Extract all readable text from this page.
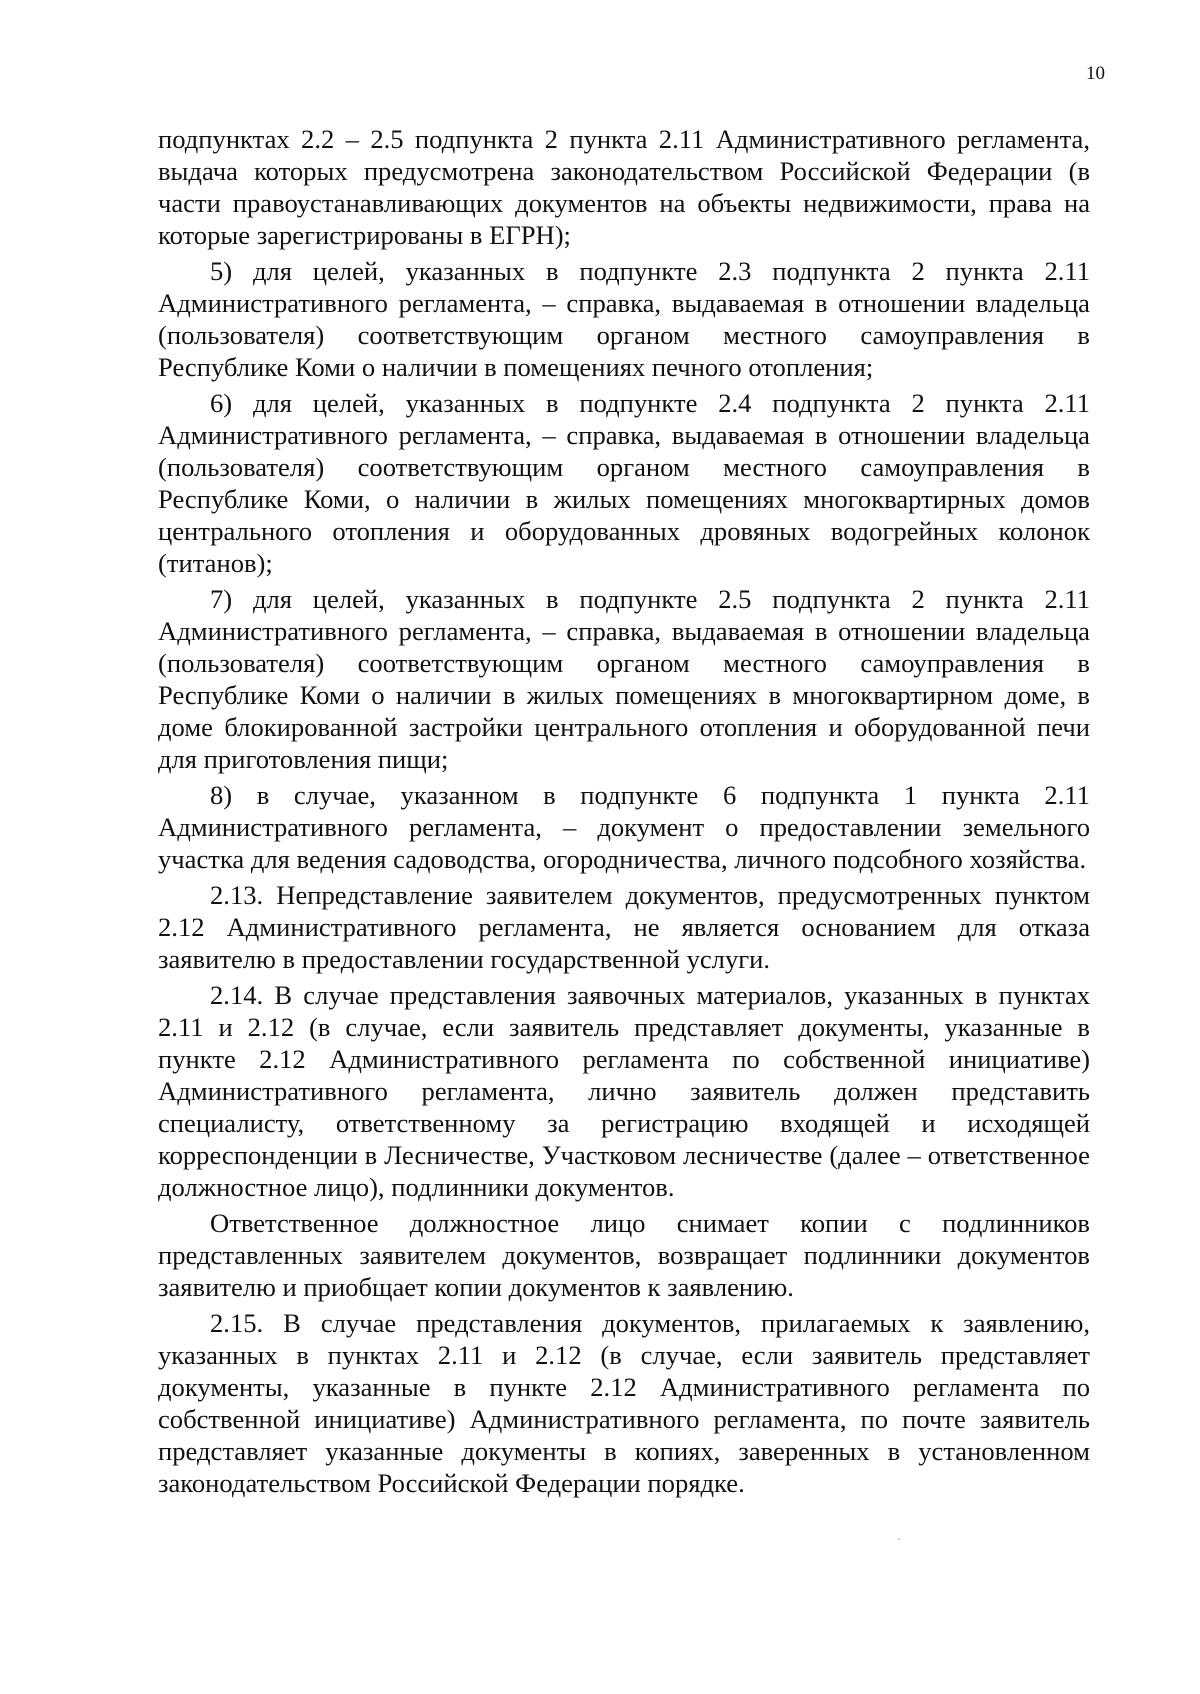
10

подпунктах 2.2 – 2.5 подпункта 2 пункта 2.11 Административного регламента, выдача которых предусмотрена законодательством Российской Федерации (в части правоустанавливающих документов на объекты недвижимости, права на которые зарегистрированы в ЕГРН);

5) для целей, указанных в подпункте 2.3 подпункта 2 пункта 2.11 Административного регламента, – справка, выдаваемая в отношении владельца (пользователя) соответствующим органом местного самоуправления в Республике Коми о наличии в помещениях печного отопления;

6) для целей, указанных в подпункте 2.4 подпункта 2 пункта 2.11 Административного регламента, – справка, выдаваемая в отношении владельца (пользователя) соответствующим органом местного самоуправления в Республике Коми, о наличии в жилых помещениях многоквартирных домов центрального отопления и оборудованных дровяных водогрейных колонок (титанов);

7) для целей, указанных в подпункте 2.5 подпункта 2 пункта 2.11 Административного регламента, – справка, выдаваемая в отношении владельца (пользователя) соответствующим органом местного самоуправления в Республике Коми о наличии в жилых помещениях в многоквартирном доме, в доме блокированной застройки центрального отопления и оборудованной печи для приготовления пищи;

8) в случае, указанном в подпункте 6 подпункта 1 пункта 2.11 Административного регламента, – документ о предоставлении земельного участка для ведения садоводства, огородничества, личного подсобного хозяйства.

2.13. Непредставление заявителем документов, предусмотренных пунктом 2.12 Административного регламента, не является основанием для отказа заявителю в предоставлении государственной услуги.

2.14. В случае представления заявочных материалов, указанных в пунктах 2.11 и 2.12 (в случае, если заявитель представляет документы, указанные в пункте 2.12 Административного регламента по собственной инициативе) Административного регламента, лично заявитель должен представить специалисту, ответственному за регистрацию входящей и исходящей корреспонденции в Лесничестве, Участковом лесничестве (далее – ответственное должностное лицо), подлинники документов.

Ответственное должностное лицо снимает копии с подлинников представленных заявителем документов, возвращает подлинники документов заявителю и приобщает копии документов к заявлению.

2.15. В случае представления документов, прилагаемых к заявлению, указанных в пунктах 2.11 и 2.12 (в случае, если заявитель представляет документы, указанные в пункте 2.12 Административного регламента по собственной инициативе) Административного регламента, по почте заявитель представляет указанные документы в копиях, заверенных в установленном законодательством Российской Федерации порядке.
